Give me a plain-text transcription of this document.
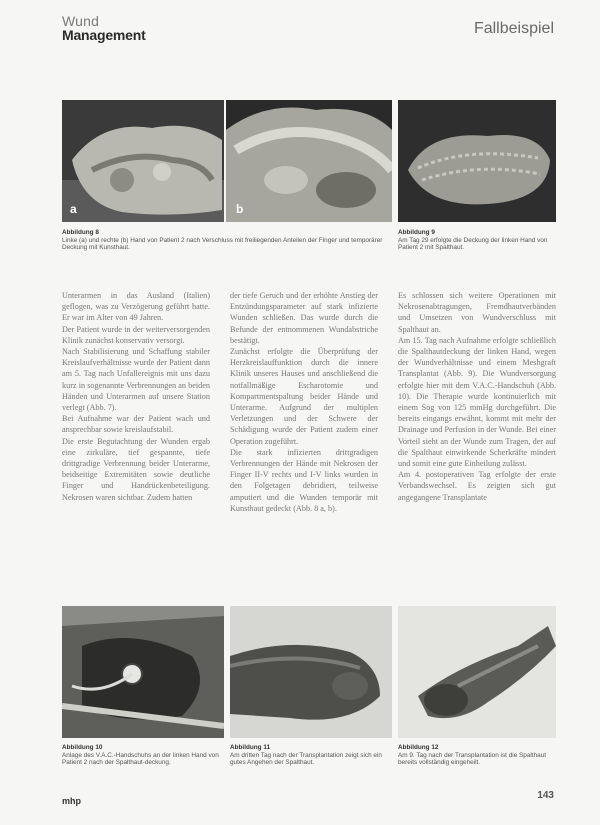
Wund
Management	Fallbeispiel
a	b
Abbildung 8
Linke (a) und rechte (b) Hand von Patient 2 nach Verschluss mit freiliegenden Anteilen der Finger und temporärer Deckung mit Kunsthaut.
Abbildung 9
Am Tag 29 erfolgte die Deckung der linken Hand von Patient 2 mit Spalthaut.

Unterarmen in das Ausland (Italien) geflogen, was zu Verzögerung geführt hatte. Er war im Alter von 49 Jahren.

Der Patient wurde in der weiterversorgenden Klinik zunächst konservativ versorgt.

Nach Stabilisierung und Schaffung stabiler Kreislaufverhältnisse wurde der Patient dann am 5. Tag nach Unfallereignis mit uns dazu kurz in sogenannte Verbrennungen an beiden Händen und Unterarmen auf unsere Station verlegt (Abb. 7).

Bei Aufnahme war der Patient wach und ansprechbar sowie kreislaufstabil.

Die erste Begutachtung der Wunden ergab eine zirkuläre, tief gespannte, tiefe drittgradige Verbrennung beider Unterarme, beidseitige Extremitäten sowie deutliche Finger und Handrückenbeteiligung. Nekrosen waren sichtbar. Zudem hatten

der tiefe Geruch und der erhöhte Anstieg der Entzündungsparameter auf stark infizierte Wunden schließen. Das wurde durch die Befunde der entnommenen Wundabstriche bestätigt.

Zunächst erfolgte die Überprüfung der Herzkreislauffunktion durch die innere Klinik unseres Hauses und anschließend die notfallmäßige Escharotomie und Kompartmentspaltung beider Hände und Unterarme. Aufgrund der multiplen Verletzungen und der Schwere der Schädigung wurde der Patient zudem einer Operation zugeführt.

Die stark infizierten drittgradigen Verbrennungen der Hände mit Nekrosen der Finger II-V rechts und I-V links wurden in den Folgetagen debridiert, teilweise amputiert und die Wunden temporär mit Kunsthaut gedeckt (Abb. 8 a, b).

Es schlossen sich weitere Operationen mit Nekrosenabtragungen, Fremdhautverbänden und Umsetzen von Wundverschluss mit Spalthaut an.

Am 15. Tag nach Aufnahme erfolgte schließlich die Spalthautdeckung der linken Hand, wegen der Wundverhältnisse und einem Meshgraft Transplantat (Abb. 9). Die Wundversorgung erfolgte hier mit dem V.A.C.-Handschuh (Abb. 10). Die Therapie wurde kontinuierlich mit einem Sog von 125 mmHg durchgeführt. Die bereits eingangs erwähnt, kommt mit mehr der Drainage und Perfusion in der Wunde. Bei einer Vorteil sieht an der Wunde zum Tragen, der auf die Spalthaut einwirkende Scherkräfte mindert und somit eine gute Einheilung zulässt.

Am 4. postoperativen Tag erfolgte der erste Verbandswechsel. Es zeigten sich gut angegangene Transplantate

Abbildung 10
Anlage des V.A.C.-Handschuhs an der linken Hand von Patient 2 nach der Spalthaut-deckung.
Abbildung 11
Am dritten Tag nach der Transplantation zeigt sich ein gutes Angehen der Spalthaut.
Abbildung 12
Am 9. Tag nach der Transplantation ist die Spalthaut bereits vollständig eingeheilt.
mhp	143
